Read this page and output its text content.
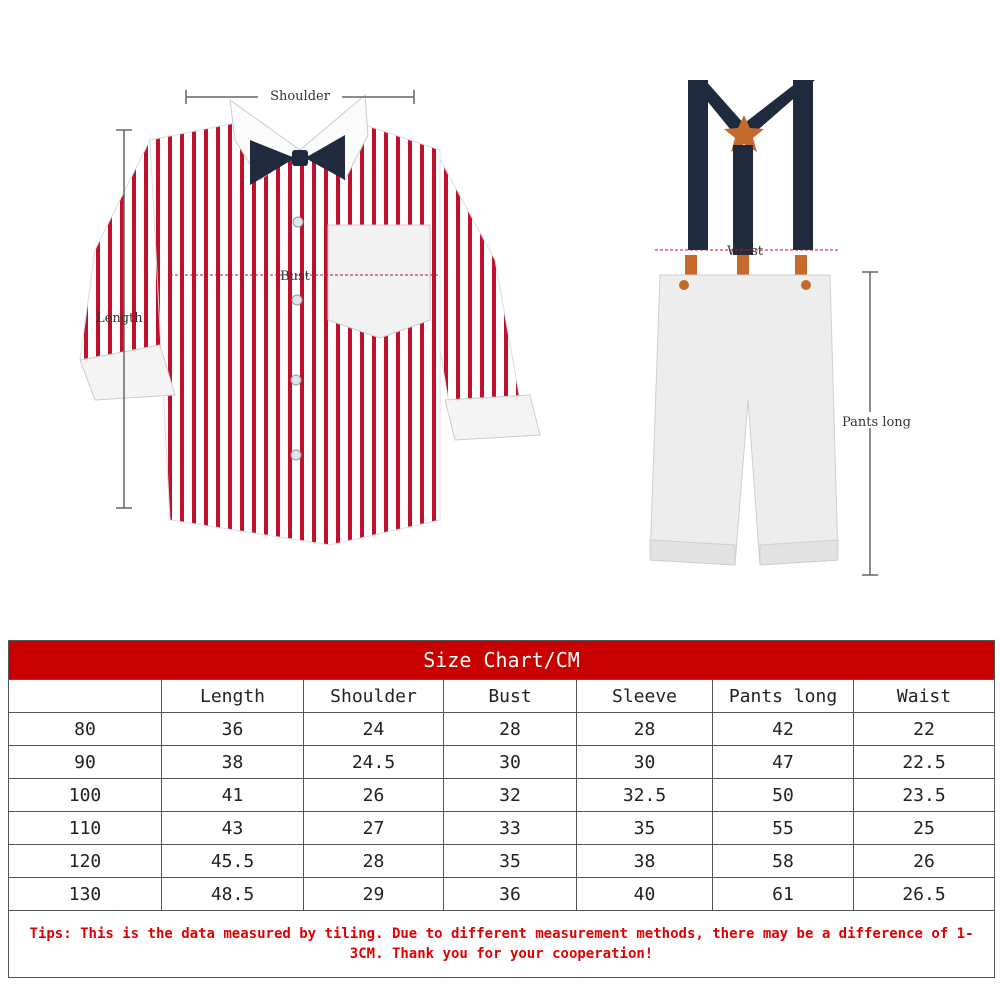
Shoulder
Length
Bust
Waist
Pants long
Size Chart/CM						
	Length	Shoulder	Bust	Sleeve	Pants long	Waist
80	36	24	28	28	42	22
90	38	24.5	30	30	47	22.5
100	41	26	32	32.5	50	23.5
110	43	27	33	35	55	25
120	45.5	28	35	38	58	26
130	48.5	29	36	40	61	26.5
Tips: This is the data measured by tiling. Due to different measurement methods, there may be a difference of 1-3CM. Thank you for your cooperation!						
